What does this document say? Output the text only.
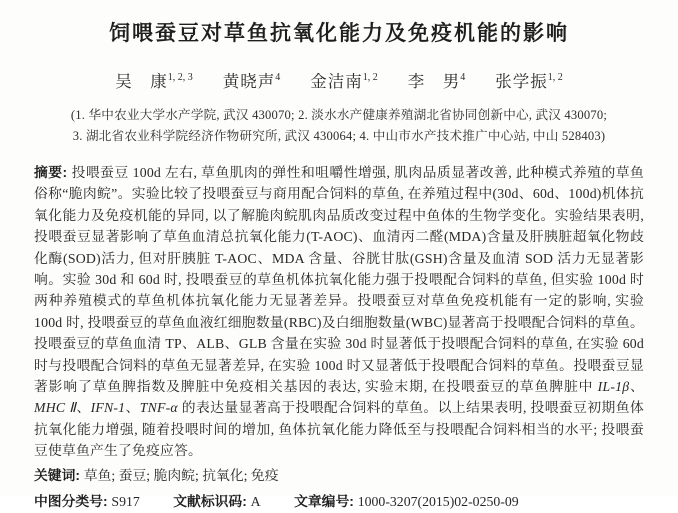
饲喂蚕豆对草鱼抗氧化能力及免疫机能的影响
吴　康$^{1, 2, 3}$ 黄晓声$^4$ 金洁南$^{1, 2}$ 李　男$^4$ 张学振$^{1, 2}$
(1. 华中农业大学水产学院, 武汉 430070; 2. 淡水水产健康养殖湖北省协同创新中心, 武汉 430070;
3. 湖北省农业科学院经济作物研究所, 武汉 430064; 4. 中山市水产技术推广中心站, 中山 528403)

摘要: 投喂蚕豆 100d 左右, 草鱼肌肉的弹性和咀嚼性增强, 肌肉品质显著改善, 此种模式养殖的草鱼俗称“脆肉鲩”。实验比较了投喂蚕豆与商用配合饲料的草鱼, 在养殖过程中(30d、60d、100d)机体抗氧化能力及免疫机能的异同, 以了解脆肉鲩肌肉品质改变过程中鱼体的生物学变化。实验结果表明, 投喂蚕豆显著影响了草鱼血清总抗氧化能力(T-AOC)、血清丙二醛(MDA)含量及肝胰脏超氧化物歧化酶(SOD)活力, 但对肝胰脏 T-AOC、MDA 含量、谷胱甘肽(GSH)含量及血清 SOD 活力无显著影响。实验 30d 和 60d 时, 投喂蚕豆的草鱼机体抗氧化能力强于投喂配合饲料的草鱼, 但实验 100d 时两种养殖模式的草鱼机体抗氧化能力无显著差异。投喂蚕豆对草鱼免疫机能有一定的影响, 实验 100d 时, 投喂蚕豆的草鱼血液红细胞数量(RBC)及白细胞数量(WBC)显著高于投喂配合饲料的草鱼。投喂蚕豆的草鱼血清 TP、ALB、GLB 含量在实验 30d 时显著低于投喂配合饲料的草鱼, 在实验 60d 时与投喂配合饲料的草鱼无显著差异, 在实验 100d 时又显著低于投喂配合饲料的草鱼。投喂蚕豆显著影响了草鱼脾指数及脾脏中免疫相关基因的表达, 实验末期, 在投喂蚕豆的草鱼脾脏中 IL-1β、MHC Ⅱ、IFN-1、TNF-α 的表达量显著高于投喂配合饲料的草鱼。以上结果表明, 投喂蚕豆初期鱼体抗氧化能力增强, 随着投喂时间的增加, 鱼体抗氧化能力降低至与投喂配合饲料相当的水平; 投喂蚕豆使草鱼产生了免疫应答。

关键词: 草鱼; 蚕豆; 脆肉鲩; 抗氧化; 免疫

中图分类号: S917 文献标识码: A 文章编号: 1000-3207(2015)02-0250-09
